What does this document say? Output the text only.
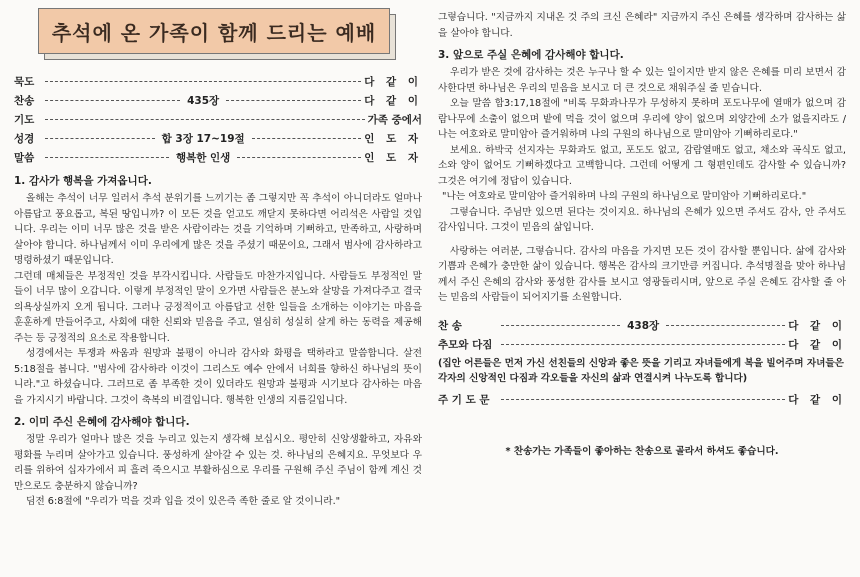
추석에 온 가족이 함께 드리는 예배
묵도	다 같 이
찬송	435장	다 같 이
기도	가족 중에서
성경	합 3장 17~19절	인 도 자
말씀	행복한 인생	인 도 자
1. 감사가 행복을 가져옵니다.

올해는 추석이 너무 일러서 추석 분위기를 느끼기는 좀 그렇지만 꼭 추석이 아니더라도 얼마나 아름답고 풍요롭고, 복된 땅입니까? 이 모든 것을 얻고도 깨닫지 못하다면 어리석은 사람일 것입니다. 우리는 이미 너무 많은 것을 받은 사람이라는 것을 기억하며 기뻐하고, 만족하고, 사랑하며 살아야 합니다. 하나님께서 이미 우리에게 많은 것을 주셨기 때문이요, 그래서 범사에 감사하라고 명령하셨기 때문입니다.

그런데 매체들은 부정적인 것을 부각시킵니다. 사람들도 마찬가지입니다. 사람들도 부정적인 말들이 너무 많이 오갑니다. 이렇게 부정적인 말이 오가면 사람들은 분노와 살망을 가져다주고 결국 의욕상실까지 오게 됩니다. 그러나 긍정적이고 아름답고 선한 일들을 소개하는 이야기는 마음을 훈훈하게 만들어주고, 사회에 대한 신뢰와 믿음을 주고, 열심히 성실히 살게 하는 동력을 제공해주는 등 긍정적의 요소로 작용합니다.

성경에서는 투쟁과 싸움과 원망과 불평이 아니라 감사와 화평을 택하라고 말씀합니다. 살전 5:18절을 봅니다. "범사에 감사하라 이것이 그리스도 예수 안에서 너희를 향하신 하나님의 뜻이니라."고 하셨습니다. 그러므로 좀 부족한 것이 있더라도 원망과 불평과 시기보다 감사하는 마음을 가지시기 바랍니다. 그것이 축복의 비결입니다. 행복한 인생의 지름길입니다.

2. 이미 주신 은혜에 감사해야 합니다.

정말 우리가 얼마나 많은 것을 누리고 있는지 생각해 보십시오. 평안히 신앙생활하고, 자유와 평화를 누리며 살아가고 있습니다. 풍성하게 살아갈 수 있는 것. 하나님의 은혜지요. 무엇보다 우리를 위하여 십자가에서 피 흘려 죽으시고 부활하심으로 우리를 구원해 주신 주님이 함께 계신 것만으로도 충분하지 않습니까?

딤전 6:8절에 "우리가 먹을 것과 입을 것이 있은즉 족한 줄로 알 것이니라."

그렇습니다. "지금까지 지내온 것 주의 크신 은혜라" 지금까지 주신 은혜를 생각하며 감사하는 삶을 살아야 합니다.

3. 앞으로 주실 은혜에 감사해야 합니다.

우리가 받은 것에 감사하는 것은 누구나 할 수 있는 일이지만 받지 않은 은혜를 미리 보면서 감사한다면 하나님은 우리의 믿음을 보시고 더 큰 것으로 채워주실 줄 믿습니다.

오늘 말씀 합3:17,18절에 "비록 무화과나무가 무성하지 못하며 포도나무에 열매가 없으며 감람나무에 소출이 없으며 밭에 먹을 것이 없으며 우리에 양이 없으며 외양간에 소가 없을지라도 / 나는 여호와로 말미암아 즐거워하며 나의 구원의 하나님으로 말미암아 기뻐하리로다."

보세요. 하박국 선지자는 무화과도 없고, 포도도 없고, 감람열매도 없고, 채소와 곡식도 없고, 소와 양이 없어도 기뻐하겠다고 고백합니다. 그런데 어떻게 그 형편인데도 감사할 수 있습니까? 그것은 여기에 정답이 있습니다.

"나는 여호와로 말미암아 즐거워하며 나의 구원의 하나님으로 말미암아 기뻐하리로다."

그렇습니다. 주님만 있으면 된다는 것이지요. 하나님의 은혜가 있으면 주셔도 감사, 안 주셔도 감사입니다. 그것이 믿음의 삶입니다.

사랑하는 여러분, 그렇습니다. 감사의 마음을 가지면 모든 것이 감사할 뿐입니다. 삶에 감사와 기쁨과 은혜가 충만한 삶이 있습니다. 행복은 감사의 크기만큼 커집니다. 추석명절을 맞아 하나님께서 주신 은혜의 감사와 풍성한 감사를 보시고 영광돌리시며, 앞으로 주실 은혜도 감사할 줄 아는 믿음의 사람들이 되어지기를 소원합니다.

찬 송	438장	다 같 이
추모와 다짐	다 같 이
(집안 어른들은 먼저 가신 선친들의 신앙과 좋은 뜻을 기리고 자녀들에게 복을 빌어주며 자녀들은 각자의 신앙적인 다짐과 각오들을 자신의 삶과 연결시켜 나누도록 합니다)
주 기 도 문	다 같 이
* 찬송가는 가족들이 좋아하는 찬송으로 골라서 하셔도 좋습니다.
